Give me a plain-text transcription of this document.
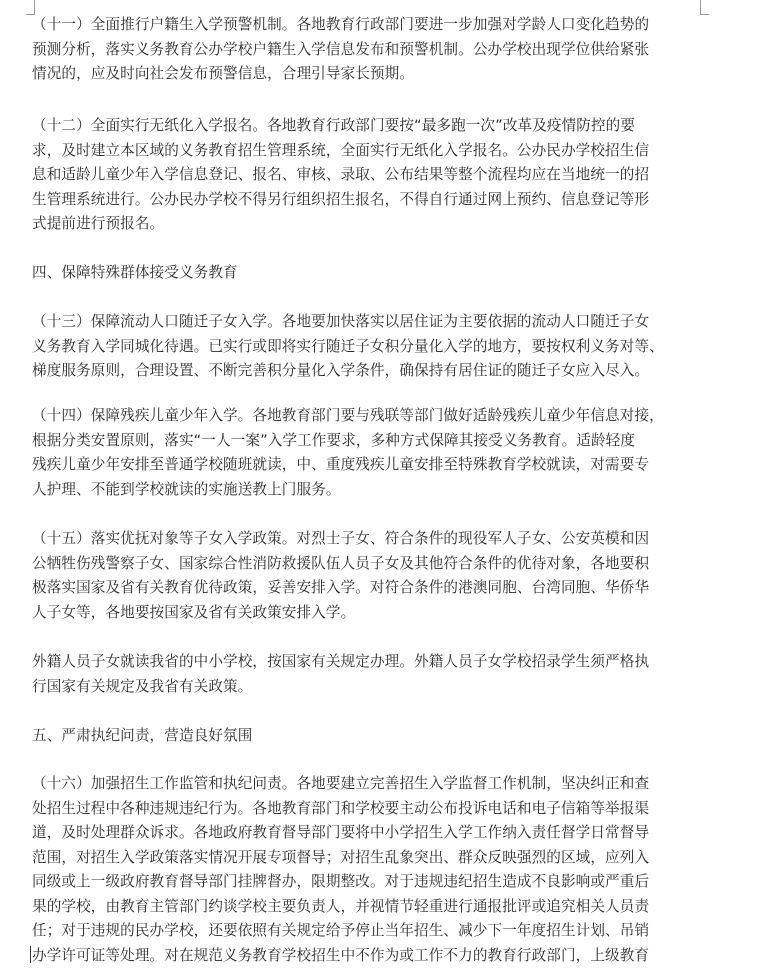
（十一）全面推行户籍生入学预警机制。各地教育行政部门要进一步加强对学龄人口变化趋势的
预测分析，落实义务教育公办学校户籍生入学信息发布和预警机制。公办学校出现学位供给紧张
情况的，应及时向社会发布预警信息，合理引导家长预期。
（十二）全面实行无纸化入学报名。各地教育行政部门要按“最多跑一次”改革及疫情防控的要
求，及时建立本区域的义务教育招生管理系统，全面实行无纸化入学报名。公办民办学校招生信
息和适龄儿童少年入学信息登记、报名、审核、录取、公布结果等整个流程均应在当地统一的招
生管理系统进行。公办民办学校不得另行组织招生报名，不得自行通过网上预约、信息登记等形
式提前进行预报名。
四、保障特殊群体接受义务教育
（十三）保障流动人口随迁子女入学。各地要加快落实以居住证为主要依据的流动人口随迁子女
义务教育入学同城化待遇。已实行或即将实行随迁子女积分量化入学的地方，要按权利义务对等、
梯度服务原则，合理设置、不断完善积分量化入学条件，确保持有居住证的随迁子女应入尽入。
（十四）保障残疾儿童少年入学。各地教育部门要与残联等部门做好适龄残疾儿童少年信息对接，
根据分类安置原则，落实“一人一案”入学工作要求，多种方式保障其接受义务教育。适龄轻度
残疾儿童少年安排至普通学校随班就读，中、重度残疾儿童安排至特殊教育学校就读，对需要专
人护理、不能到学校就读的实施送教上门服务。
（十五）落实优抚对象等子女入学政策。对烈士子女、符合条件的现役军人子女、公安英模和因
公牺牲伤残警察子女、国家综合性消防救援队伍人员子女及其他符合条件的优待对象，各地要积
极落实国家及省有关教育优待政策，妥善安排入学。对符合条件的港澳同胞、台湾同胞、华侨华
人子女等，各地要按国家及省有关政策安排入学。
外籍人员子女就读我省的中小学校，按国家有关规定办理。外籍人员子女学校招录学生须严格执
行国家有关规定及我省有关政策。
五、严肃执纪问责，营造良好氛围
（十六）加强招生工作监管和执纪问责。各地要建立完善招生入学监督工作机制，坚决纠正和查
处招生过程中各种违规违纪行为。各地教育部门和学校要主动公布投诉电话和电子信箱等举报渠
道，及时处理群众诉求。各地政府教育督导部门要将中小学招生入学工作纳入责任督学日常督导
范围，对招生入学政策落实情况开展专项督导；对招生乱象突出、群众反映强烈的区域，应列入
同级或上一级政府教育督导部门挂牌督办，限期整改。对于违规违纪招生造成不良影响或严重后
果的学校，由教育主管部门约谈学校主要负责人，并视情节轻重进行通报批评或追究相关人员责
任；对于违规的民办学校，还要依照有关规定给予停止当年招生、减少下一年度招生计划、吊销
办学许可证等处理。对在规范义务教育学校招生中不作为或工作不力的教育行政部门，上级教育
